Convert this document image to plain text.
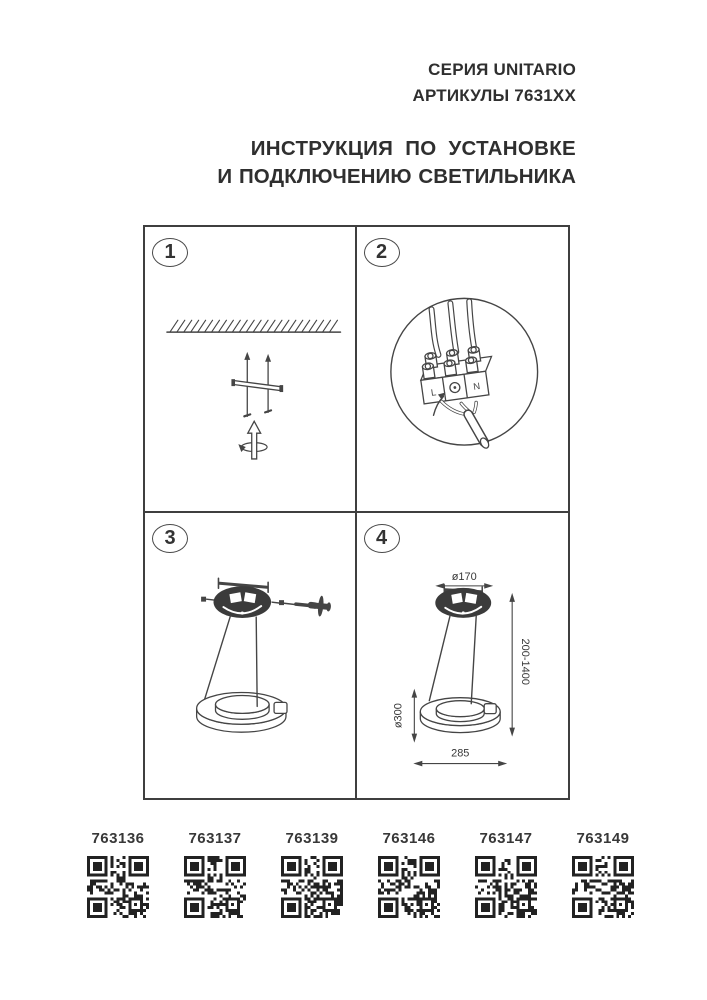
СЕРИЯ UNITARIO
АРТИКУЛЫ 7631XX
ИНСТРУКЦИЯ ПО УСТАНОВКЕ
И ПОДКЛЮЧЕНИЮ СВЕТИЛЬНИКА
1	2
L
N
3	4
ø170
200-1400
ø300
285
763136	763137	763139	763146	763147	763149
